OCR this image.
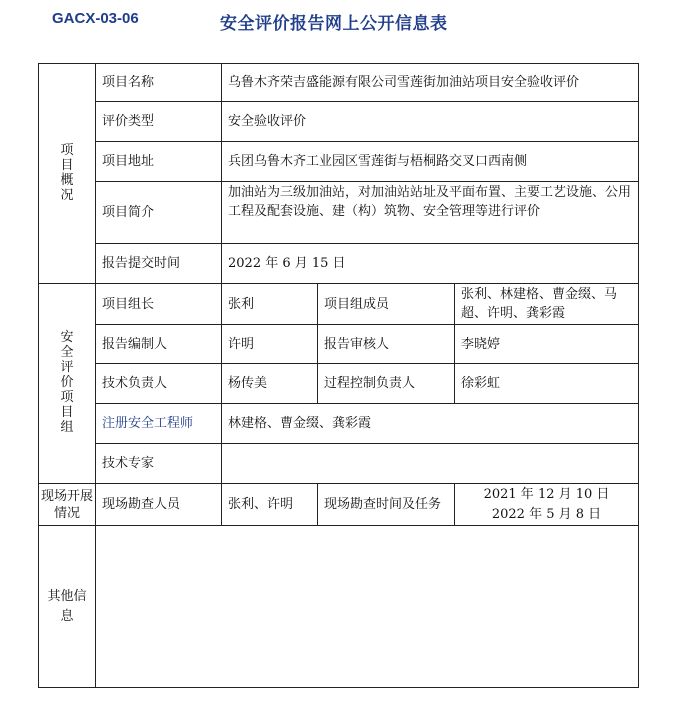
GACX-03-06	安全评价报告网上公开信息表
项目概况	项目名称	乌鲁木齐荣吉盛能源有限公司雪莲街加油站项目安全验收评价		
	评价类型	安全验收评价		
	项目地址	兵团乌鲁木齐工业园区雪莲街与梧桐路交叉口西南侧		
	项目简介	加油站为三级加油站，对加油站站址及平面布置、主要工艺设施、公用工程及配套设施、建（构）筑物、安全管理等进行评价		
	报告提交时间	2022 年 6 月 15 日		
安全评价项目组	项目组长	张利	项目组成员	张利、林建格、曹金缀、马超、许明、龚彩霞
	报告编制人	许明	报告审核人	李晓婷
	技术负责人	杨传美	过程控制负责人	徐彩虹
	注册安全工程师	林建格、曹金缀、龚彩霞		
	技术专家			
现场开展情况	现场勘查人员	张利、许明	现场勘查时间及任务	2021 年 12 月 10 日
2022 年 5 月 8 日

其他信息				
